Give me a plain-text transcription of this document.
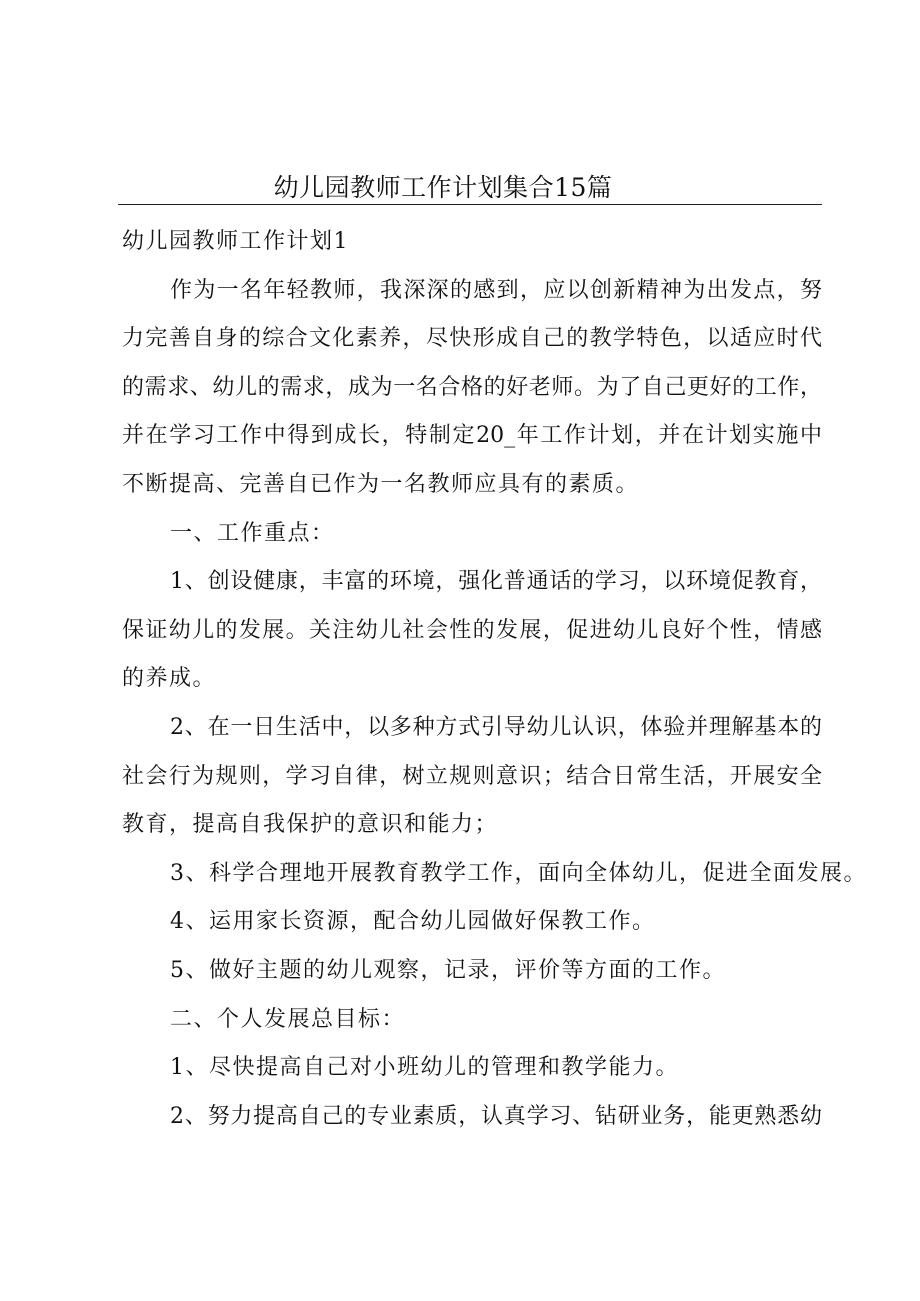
幼儿园教师工作计划集合15篇
幼儿园教师工作计划1
作为一名年轻教师，我深深的感到，应以创新精神为出发点，努
力完善自身的综合文化素养，尽快形成自己的教学特色，以适应时代
的需求、幼儿的需求，成为一名合格的好老师。为了自己更好的工作，
并在学习工作中得到成长，特制定20_年工作计划，并在计划实施中
不断提高、完善自已作为一名教师应具有的素质。
一、工作重点：
1、创设健康，丰富的环境，强化普通话的学习，以环境促教育，
保证幼儿的发展。关注幼儿社会性的发展，促进幼儿良好个性，情感
的养成。
2、在一日生活中，以多种方式引导幼儿认识，体验并理解基本的
社会行为规则，学习自律，树立规则意识；结合日常生活，开展安全
教育，提高自我保护的意识和能力；
3、科学合理地开展教育教学工作，面向全体幼儿，促进全面发展。
4、运用家长资源，配合幼儿园做好保教工作。
5、做好主题的幼儿观察，记录，评价等方面的工作。
二、个人发展总目标：
1、尽快提高自己对小班幼儿的管理和教学能力。
2、努力提高自己的专业素质，认真学习、钻研业务，能更熟悉幼
